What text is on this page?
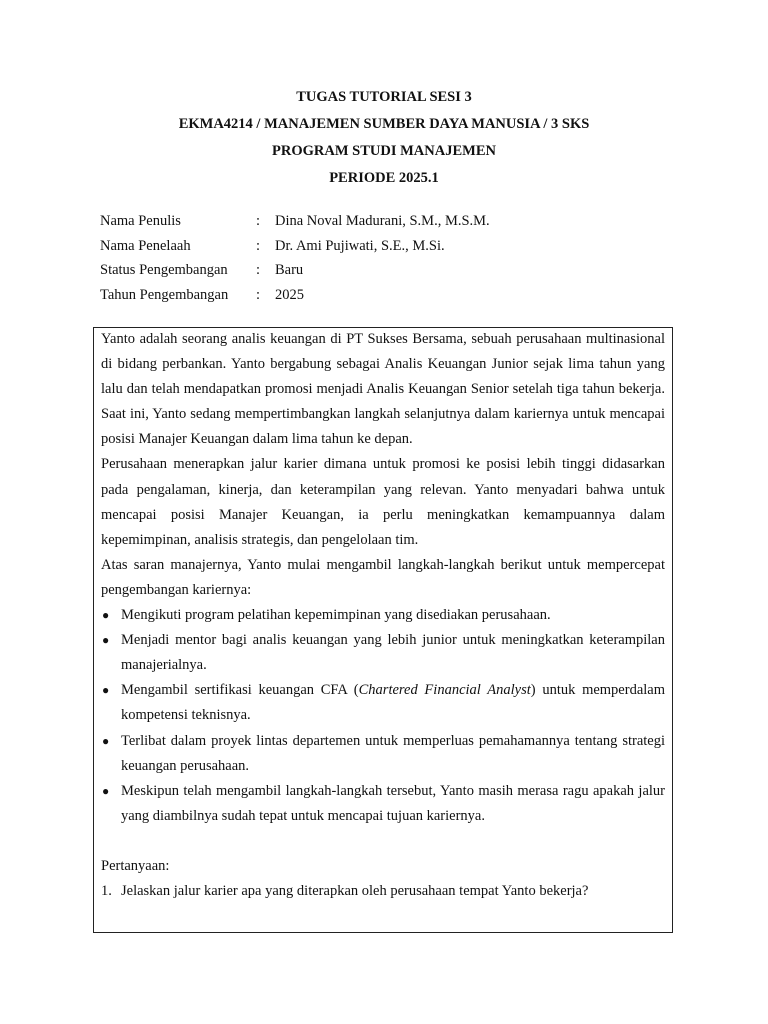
TUGAS TUTORIAL SESI 3
EKMA4214 / MANAJEMEN SUMBER DAYA MANUSIA / 3 SKS
PROGRAM STUDI MANAJEMEN
PERIODE 2025.1
Nama Penulis	: Dina Noval Madurani, S.M., M.S.M.
Nama Penelaah	: Dr. Ami Pujiwati, S.E., M.Si.
Status Pengembangan : Baru
Tahun Pengembangan : 2025

Yanto adalah seorang analis keuangan di PT Sukses Bersama, sebuah perusahaan multinasional di bidang perbankan. Yanto bergabung sebagai Analis Keuangan Junior sejak lima tahun yang lalu dan telah mendapatkan promosi menjadi Analis Keuangan Senior setelah tiga tahun bekerja. Saat ini, Yanto sedang mempertimbangkan langkah selanjutnya dalam kariernya untuk mencapai posisi Manajer Keuangan dalam lima tahun ke depan.

Perusahaan menerapkan jalur karier dimana untuk promosi ke posisi lebih tinggi didasarkan pada pengalaman, kinerja, dan keterampilan yang relevan. Yanto menyadari bahwa untuk mencapai posisi Manajer Keuangan, ia perlu meningkatkan kemampuannya dalam kepemimpinan, analisis strategis, dan pengelolaan tim.

Atas saran manajernya, Yanto mulai mengambil langkah-langkah berikut untuk mempercepat pengembangan kariernya:

● Mengikuti program pelatihan kepemimpinan yang disediakan perusahaan.
● Menjadi mentor bagi analis keuangan yang lebih junior untuk meningkatkan keterampilan manajerialnya.
● Mengambil sertifikasi keuangan CFA (Chartered Financial Analyst) untuk memperdalam kompetensi teknisnya.
● Terlibat dalam proyek lintas departemen untuk memperluas pemahamannya tentang strategi keuangan perusahaan.
● Meskipun telah mengambil langkah-langkah tersebut, Yanto masih merasa ragu apakah jalur yang diambilnya sudah tepat untuk mencapai tujuan kariernya.

Pertanyaan:

1. Jelaskan jalur karier apa yang diterapkan oleh perusahaan tempat Yanto bekerja?
